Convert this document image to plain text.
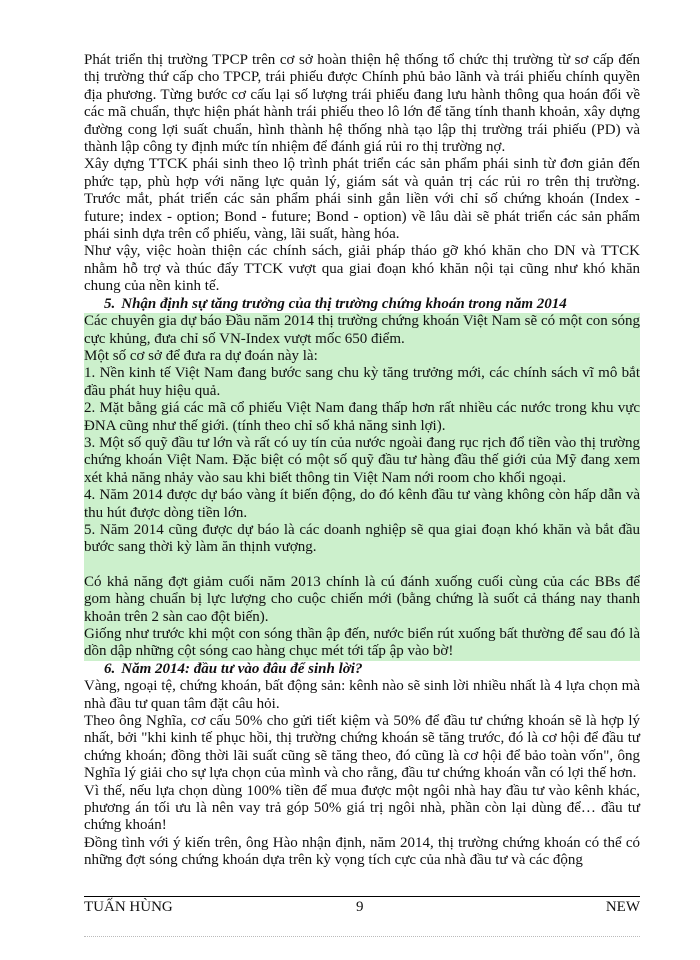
Phát triển thị trường TPCP trên cơ sở hoàn thiện hệ thống tổ chức thị trường từ sơ cấp đến thị trường thứ cấp cho TPCP, trái phiếu được Chính phủ bảo lãnh và trái phiếu chính quyền địa phương. Từng bước cơ cấu lại số lượng trái phiếu đang lưu hành thông qua hoán đổi về các mã chuẩn, thực hiện phát hành trái phiếu theo lô lớn để tăng tính thanh khoản, xây dựng đường cong lợi suất chuẩn, hình thành hệ thống nhà tạo lập thị trường trái phiếu (PD) và thành lập công ty định mức tín nhiệm để đánh giá rủi ro thị trường nợ.

Xây dựng TTCK phái sinh theo lộ trình phát triển các sản phẩm phái sinh từ đơn giản đến phức tạp, phù hợp với năng lực quản lý, giám sát và quản trị các rủi ro trên thị trường. Trước mắt, phát triển các sản phẩm phái sinh gắn liền với chỉ số chứng khoán (Index - future; index - option; Bond - future; Bond - option) về lâu dài sẽ phát triển các sản phẩm phái sinh dựa trên cổ phiếu, vàng, lãi suất, hàng hóa.

Như vậy, việc hoàn thiện các chính sách, giải pháp tháo gỡ khó khăn cho DN và TTCK nhằm hỗ trợ và thúc đẩy TTCK vượt qua giai đoạn khó khăn nội tại cũng như khó khăn chung của nền kinh tế.

5. Nhận định sự tăng trưởng của thị trường chứng khoán trong năm 2014

Các chuyên gia dự báo Đầu năm 2014 thị trường chứng khoán Việt Nam sẽ có một con sóng cực khủng, đưa chỉ số VN-Index vượt mốc 650 điểm.

Một số cơ sở để đưa ra dự đoán này là:

1. Nền kinh tế Việt Nam đang bước sang chu kỳ tăng trưởng mới, các chính sách vĩ mô bắt đầu phát huy hiệu quả.

2. Mặt bằng giá các mã cổ phiếu Việt Nam đang thấp hơn rất nhiều các nước trong khu vực ĐNA cũng như thế giới. (tính theo chỉ số khả năng sinh lợi).

3. Một số quỹ đầu tư lớn và rất có uy tín của nước ngoài đang rục rịch đổ tiền vào thị trường chứng khoán Việt Nam. Đặc biệt có một số quỹ đầu tư hàng đầu thế giới của Mỹ đang xem xét khả năng nhảy vào sau khi biết thông tin Việt Nam nới room cho khối ngoại.

4. Năm 2014 được dự báo vàng ít biến động, do đó kênh đầu tư vàng không còn hấp dẫn và thu hút được dòng tiền lớn.

5. Năm 2014 cũng được dự báo là các doanh nghiệp sẽ qua giai đoạn khó khăn và bắt đầu bước sang thời kỳ làm ăn thịnh vượng.

Có khả năng đợt giảm cuối năm 2013 chính là cú đánh xuống cuối cùng của các BBs để gom hàng chuẩn bị lực lượng cho cuộc chiến mới (bằng chứng là suốt cả tháng nay thanh khoản trên 2 sàn cao đột biến).

Giống như trước khi một con sóng thần ập đến, nước biển rút xuống bất thường để sau đó là dồn dập những cột sóng cao hàng chục mét tới tấp ập vào bờ!

6. Năm 2014: đầu tư vào đâu để sinh lời?

Vàng, ngoại tệ, chứng khoán, bất động sản: kênh nào sẽ sinh lời nhiều nhất là 4 lựa chọn mà nhà đầu tư quan tâm đặt câu hỏi.

Theo ông Nghĩa, cơ cấu 50% cho gửi tiết kiệm và 50% để đầu tư chứng khoán sẽ là hợp lý nhất, bởi "khi kinh tế phục hồi, thị trường chứng khoán sẽ tăng trước, đó là cơ hội để đầu tư chứng khoán; đồng thời lãi suất cũng sẽ tăng theo, đó cũng là cơ hội để bảo toàn vốn", ông Nghĩa lý giải cho sự lựa chọn của mình và cho rằng, đầu tư chứng khoán vẫn có lợi thế hơn.

Vì thế, nếu lựa chọn dùng 100% tiền để mua được một ngôi nhà hay đầu tư vào kênh khác, phương án tối ưu là nên vay trả góp 50% giá trị ngôi nhà, phần còn lại dùng để… đầu tư chứng khoán!

Đồng tình với ý kiến trên, ông Hào nhận định, năm 2014, thị trường chứng khoán có thể có những đợt sóng chứng khoán dựa trên kỳ vọng tích cực của nhà đầu tư và các động

TUẤN HÙNG	9	NEW
